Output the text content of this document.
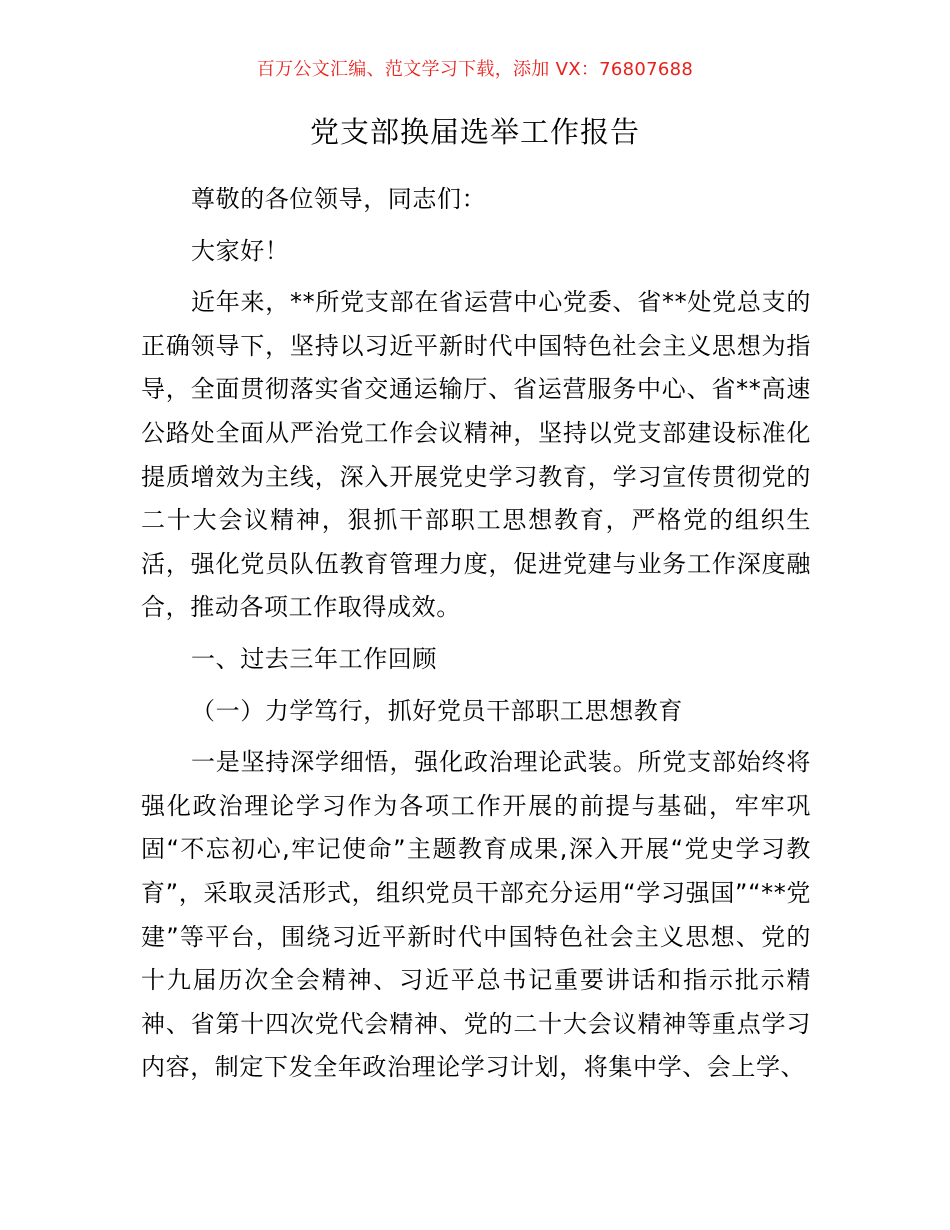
百万公文汇编、范文学习下载，添加 VX：76807688
党支部换届选举工作报告

尊敬的各位领导，同志们：

大家好！

近年来，**所党支部在省运营中心党委、省**处党总支的正确领导下，坚持以习近平新时代中国特色社会主义思想为指导，全面贯彻落实省交通运输厅、省运营服务中心、省**高速公路处全面从严治党工作会议精神，坚持以党支部建设标准化提质增效为主线，深入开展党史学习教育，学习宣传贯彻党的二十大会议精神，狠抓干部职工思想教育，严格党的组织生活，强化党员队伍教育管理力度，促进党建与业务工作深度融合，推动各项工作取得成效。

一、过去三年工作回顾

（一）力学笃行，抓好党员干部职工思想教育

一是坚持深学细悟，强化政治理论武装。所党支部始终将强化政治理论学习作为各项工作开展的前提与基础，牢牢巩固“不忘初心,牢记使命”主题教育成果,深入开展“党史学习教育”，采取灵活形式，组织党员干部充分运用“学习强国”“**党建”等平台，围绕习近平新时代中国特色社会主义思想、党的十九届历次全会精神、习近平总书记重要讲话和指示批示精神、省第十四次党代会精神、党的二十大会议精神等重点学习内容，制定下发全年政治理论学习计划，将集中学、会上学、
